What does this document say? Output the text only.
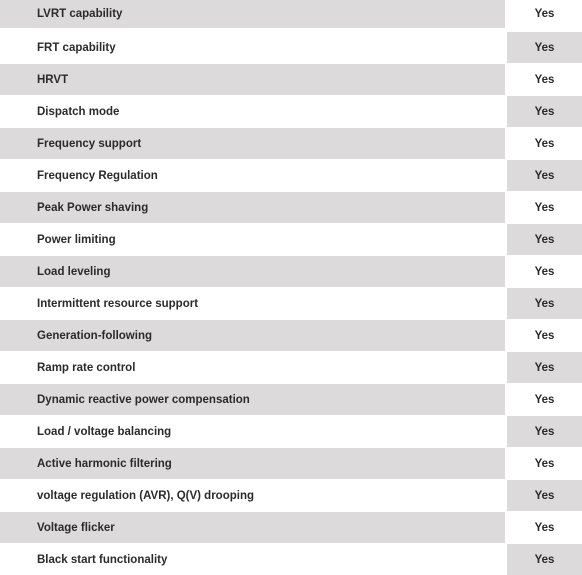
LVRT capability	Yes
FRT capability	Yes
HRVT	Yes
Dispatch mode	Yes
Frequency support	Yes
Frequency Regulation	Yes
Peak Power shaving	Yes
Power limiting	Yes
Load leveling	Yes
Intermittent resource support	Yes
Generation-following	Yes
Ramp rate control	Yes
Dynamic reactive power compensation	Yes
Load / voltage balancing	Yes
Active harmonic filtering	Yes
voltage regulation (AVR), Q(V) drooping	Yes
Voltage flicker	Yes
Black start functionality	Yes
